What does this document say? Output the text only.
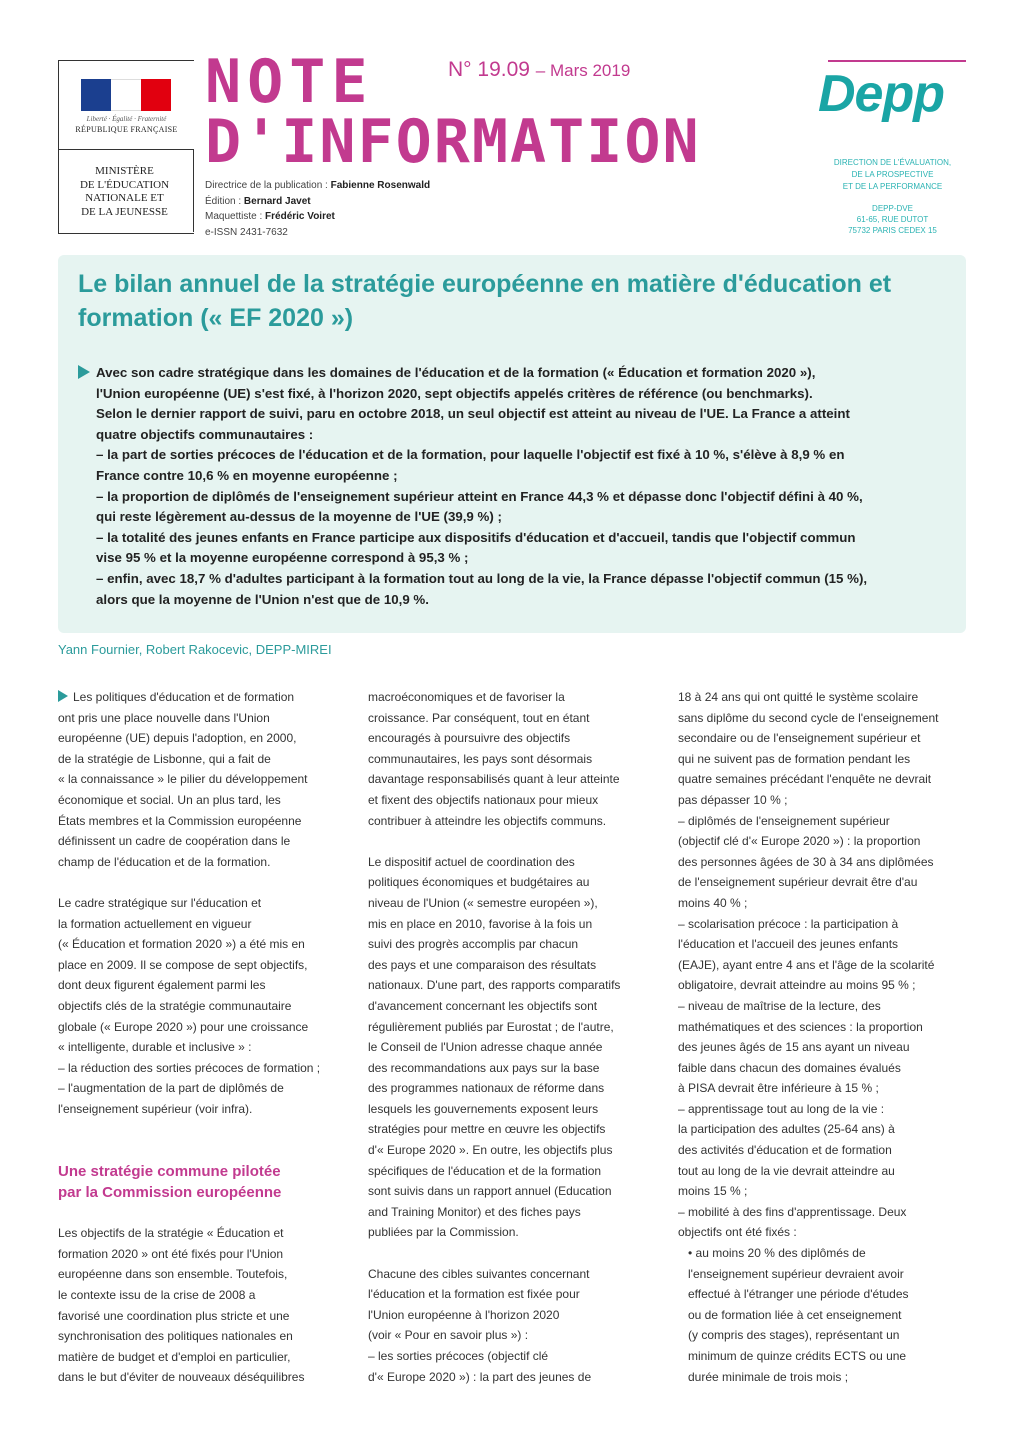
Liberté · Égalité · Fraternité
RÉPUBLIQUE FRANÇAISE
MINISTÈRE
DE L'ÉDUCATION
NATIONALE ET
DE LA JEUNESSE
NOTE
D'INFORMATION
N° 19.09 – Mars 2019
Directrice de la publication : Fabienne Rosenwald
Édition : Bernard Javet
Maquettiste : Frédéric Voiret
e-ISSN 2431-7632
Depp
DIRECTION DE L'ÉVALUATION,
DE LA PROSPECTIVE
ET DE LA PERFORMANCE
DEPP-DVE
61-65, RUE DUTOT
75732 PARIS CEDEX 15
Le bilan annuel de la stratégie européenne en matière d'éducation et formation (« EF 2020 »)
Avec son cadre stratégique dans les domaines de l'éducation et de la formation (« Éducation et formation 2020 »),
l'Union européenne (UE) s'est fixé, à l'horizon 2020, sept objectifs appelés critères de référence (ou benchmarks).
Selon le dernier rapport de suivi, paru en octobre 2018, un seul objectif est atteint au niveau de l'UE. La France a atteint
quatre objectifs communautaires :
– la part de sorties précoces de l'éducation et de la formation, pour laquelle l'objectif est fixé à 10 %, s'élève à 8,9 % en
France contre 10,6 % en moyenne européenne ;
– la proportion de diplômés de l'enseignement supérieur atteint en France 44,3 % et dépasse donc l'objectif défini à 40 %,
qui reste légèrement au-dessus de la moyenne de l'UE (39,9 %) ;
– la totalité des jeunes enfants en France participe aux dispositifs d'éducation et d'accueil, tandis que l'objectif commun
vise 95 % et la moyenne européenne correspond à 95,3 % ;
– enfin, avec 18,7 % d'adultes participant à la formation tout au long de la vie, la France dépasse l'objectif commun (15 %),
alors que la moyenne de l'Union n'est que de 10,9 %.
Yann Fournier, Robert Rakocevic, DEPP-MIREI
Les politiques d'éducation et de formation
ont pris une place nouvelle dans l'Union
européenne (UE) depuis l'adoption, en 2000,
de la stratégie de Lisbonne, qui a fait de
« la connaissance » le pilier du développement
économique et social. Un an plus tard, les
États membres et la Commission européenne
définissent un cadre de coopération dans le
champ de l'éducation et de la formation.
Le cadre stratégique sur l'éducation et
la formation actuellement en vigueur
(« Éducation et formation 2020 ») a été mis en
place en 2009. Il se compose de sept objectifs,
dont deux figurent également parmi les
objectifs clés de la stratégie communautaire
globale (« Europe 2020 ») pour une croissance
« intelligente, durable et inclusive » :
– la réduction des sorties précoces de formation ;
– l'augmentation de la part de diplômés de
l'enseignement supérieur (voir infra).
Une stratégie commune pilotée
par la Commission européenne
Les objectifs de la stratégie « Éducation et
formation 2020 » ont été fixés pour l'Union
européenne dans son ensemble. Toutefois,
le contexte issu de la crise de 2008 a
favorisé une coordination plus stricte et une
synchronisation des politiques nationales en
matière de budget et d'emploi en particulier,
dans le but d'éviter de nouveaux déséquilibres
macroéconomiques et de favoriser la
croissance. Par conséquent, tout en étant
encouragés à poursuivre des objectifs
communautaires, les pays sont désormais
davantage responsabilisés quant à leur atteinte
et fixent des objectifs nationaux pour mieux
contribuer à atteindre les objectifs communs.
Le dispositif actuel de coordination des
politiques économiques et budgétaires au
niveau de l'Union (« semestre européen »),
mis en place en 2010, favorise à la fois un
suivi des progrès accomplis par chacun
des pays et une comparaison des résultats
nationaux. D'une part, des rapports comparatifs
d'avancement concernant les objectifs sont
régulièrement publiés par Eurostat ; de l'autre,
le Conseil de l'Union adresse chaque année
des recommandations aux pays sur la base
des programmes nationaux de réforme dans
lesquels les gouvernements exposent leurs
stratégies pour mettre en œuvre les objectifs
d'« Europe 2020 ». En outre, les objectifs plus
spécifiques de l'éducation et de la formation
sont suivis dans un rapport annuel (Education
and Training Monitor) et des fiches pays
publiées par la Commission.
Chacune des cibles suivantes concernant
l'éducation et la formation est fixée pour
l'Union européenne à l'horizon 2020
(voir « Pour en savoir plus ») :
– les sorties précoces (objectif clé
d'« Europe 2020 ») : la part des jeunes de
18 à 24 ans qui ont quitté le système scolaire
sans diplôme du second cycle de l'enseignement
secondaire ou de l'enseignement supérieur et
qui ne suivent pas de formation pendant les
quatre semaines précédant l'enquête ne devrait
pas dépasser 10 % ;
– diplômés de l'enseignement supérieur
(objectif clé d'« Europe 2020 ») : la proportion
des personnes âgées de 30 à 34 ans diplômées
de l'enseignement supérieur devrait être d'au
moins 40 % ;
– scolarisation précoce : la participation à
l'éducation et l'accueil des jeunes enfants
(EAJE), ayant entre 4 ans et l'âge de la scolarité
obligatoire, devrait atteindre au moins 95 % ;
– niveau de maîtrise de la lecture, des
mathématiques et des sciences : la proportion
des jeunes âgés de 15 ans ayant un niveau
faible dans chacun des domaines évalués
à PISA devrait être inférieure à 15 % ;
– apprentissage tout au long de la vie :
la participation des adultes (25-64 ans) à
des activités d'éducation et de formation
tout au long de la vie devrait atteindre au
moins 15 % ;
– mobilité à des fins d'apprentissage. Deux
objectifs ont été fixés :
• au moins 20 % des diplômés de
l'enseignement supérieur devraient avoir
effectué à l'étranger une période d'études
ou de formation liée à cet enseignement
(y compris des stages), représentant un
minimum de quinze crédits ECTS ou une
durée minimale de trois mois ;
